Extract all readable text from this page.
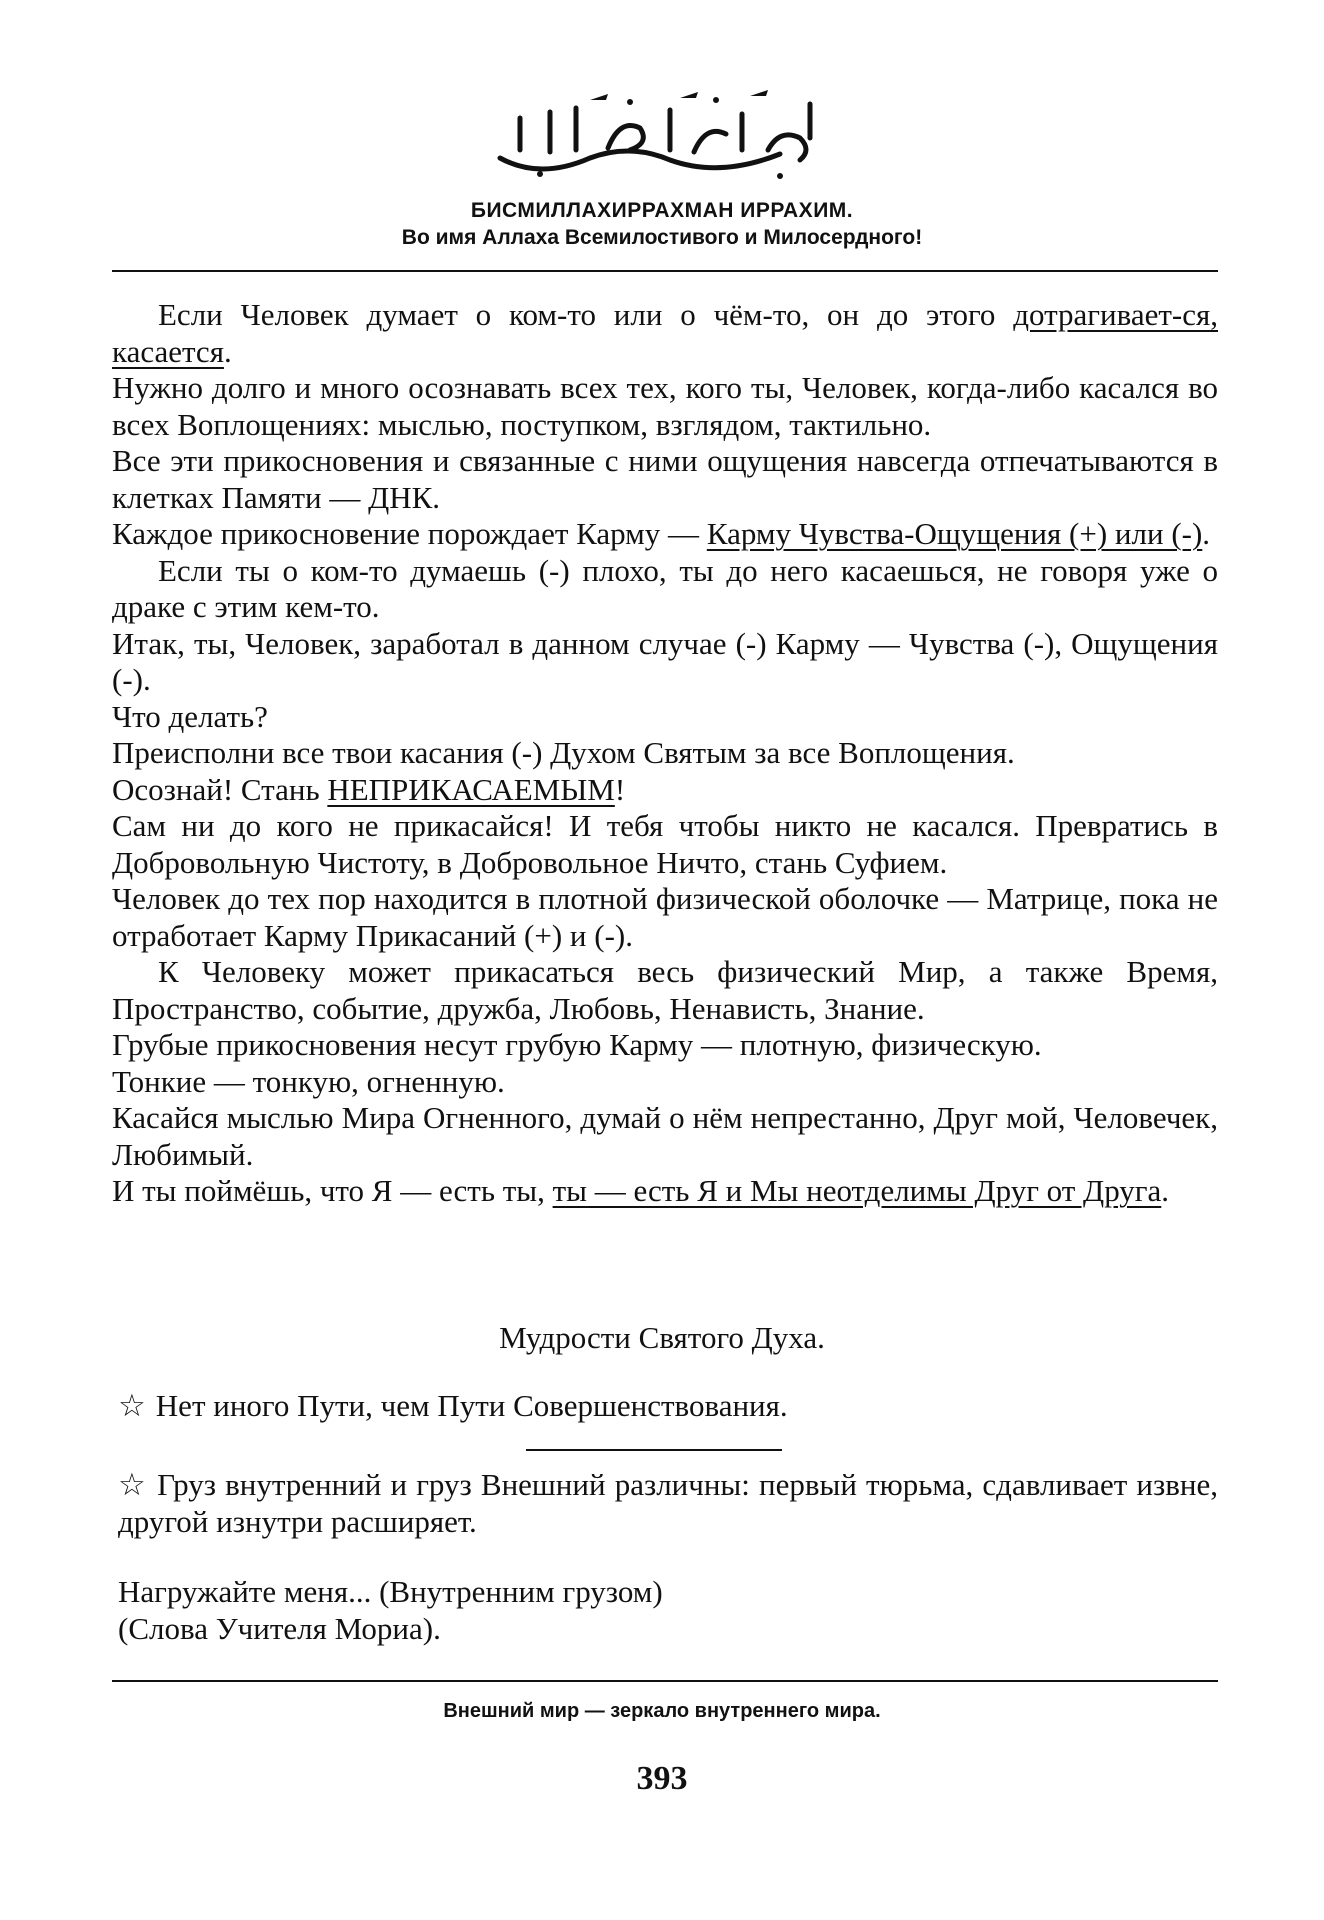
БИСМИЛЛАХИРРАХМАН ИРРАХИМ.
Во имя Аллаха Всемилостивого и Милосердного!

Если Человек думает о ком-то или о чём-то, он до этого дотрагивает-ся, касается.

Нужно долго и много осознавать всех тех, кого ты, Человек, когда-либо касался во всех Воплощениях: мыслью, поступком, взглядом, тактильно.

Все эти прикосновения и связанные с ними ощущения навсегда отпечатываются в клетках Памяти — ДНК.

Каждое прикосновение порождает Карму — Карму Чувства-Ощущения (+) или (-).

Если ты о ком-то думаешь (-) плохо, ты до него касаешься, не говоря уже о драке с этим кем-то.

Итак, ты, Человек, заработал в данном случае (-) Карму — Чувства (-), Ощущения (-).

Что делать?

Преисполни все твои касания (-) Духом Святым за все Воплощения.

Осознай! Стань НЕПРИКАСАЕМЫМ!

Сам ни до кого не прикасайся! И тебя чтобы никто не касался. Превратись в Добровольную Чистоту, в Добровольное Ничто, стань Суфием.

Человек до тех пор находится в плотной физической оболочке — Матрице, пока не отработает Карму Прикасаний (+) и (-).

К Человеку может прикасаться весь физический Мир, а также Время, Пространство, событие, дружба, Любовь, Ненависть, Знание.

Грубые прикосновения несут грубую Карму — плотную, физическую.

Тонкие — тонкую, огненную.

Касайся мыслью Мира Огненного, думай о нём непрестанно, Друг мой, Человечек, Любимый.

И ты поймёшь, что Я — есть ты, ты — есть Я и Мы неотделимы Друг от Друга.

Мудрости Святого Духа.
☆ Нет иного Пути, чем Пути Совершенствования.
☆ Груз внутренний и груз Внешний различны: первый тюрьма, сдавливает извне, другой изнутри расширяет.
Нагружайте меня... (Внутренним грузом)
(Слова Учителя Мориа).
Внешний мир — зеркало внутреннего мира.
393
